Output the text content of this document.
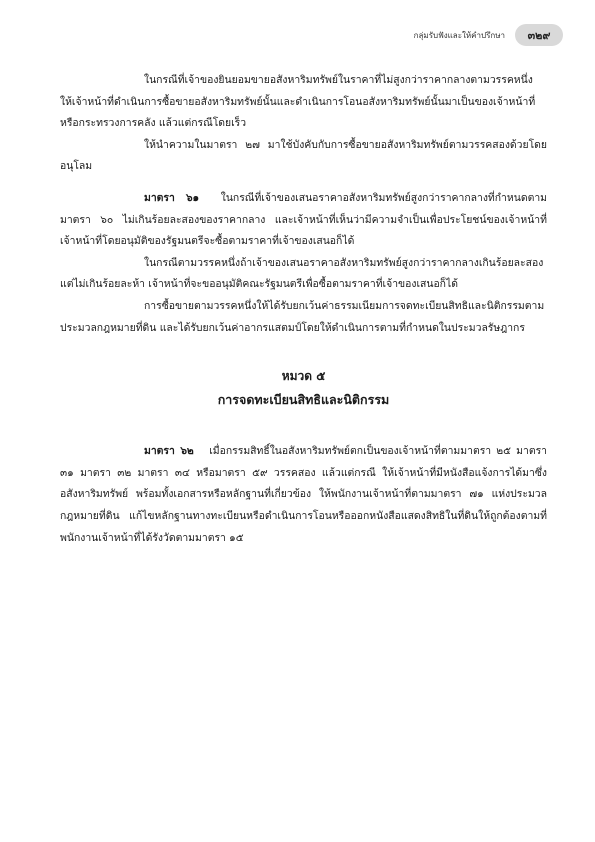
กลุ่มรับฟังและให้คำปรึกษา	๓๒๙

ในกรณีที่เจ้าของยินยอมขายอสังหาริมทรัพย์ในราคาที่ไม่สูงกว่าราคากลางตามวรรคหนึ่ง ให้เจ้าหน้าที่ดำเนินการซื้อขายอสังหาริมทรัพย์นั้นและดำเนินการโอนอสังหาริมทรัพย์นั้นมาเป็นของเจ้าหน้าที่หรือกระทรวงการคลัง แล้วแต่กรณีโดยเร็ว

ให้นำความในมาตรา ๒๗ มาใช้บังคับกับการซื้อขายอสังหาริมทรัพย์ตามวรรคสองด้วยโดยอนุโลม

มาตรา ๖๑ ในกรณีที่เจ้าของเสนอราคาอสังหาริมทรัพย์สูงกว่าราคากลางที่กำหนดตามมาตรา ๖๐ ไม่เกินร้อยละสองของราคากลาง และเจ้าหน้าที่เห็นว่ามีความจำเป็นเพื่อประโยชน์ของเจ้าหน้าที่ เจ้าหน้าที่โดยอนุมัติของรัฐมนตรีจะซื้อตามราคาที่เจ้าของเสนอก็ได้

ในกรณีตามวรรคหนึ่งถ้าเจ้าของเสนอราคาอสังหาริมทรัพย์สูงกว่าราคากลางเกินร้อยละสองแต่ไม่เกินร้อยละห้า เจ้าหน้าที่จะขออนุมัติคณะรัฐมนตรีเพื่อซื้อตามราคาที่เจ้าของเสนอก็ได้

การซื้อขายตามวรรคหนึ่งให้ได้รับยกเว้นค่าธรรมเนียมการจดทะเบียนสิทธิและนิติกรรมตามประมวลกฎหมายที่ดิน และได้รับยกเว้นค่าอากรแสตมป์โดยให้ดำเนินการตามที่กำหนดในประมวลรัษฎากร

หมวด ๕
การจดทะเบียนสิทธิและนิติกรรม

มาตรา ๖๒ เมื่อกรรมสิทธิ์ในอสังหาริมทรัพย์ตกเป็นของเจ้าหน้าที่ตามมาตรา ๒๕ มาตรา ๓๑ มาตรา ๓๒ มาตรา ๓๔ หรือมาตรา ๕๙ วรรคสอง แล้วแต่กรณี ให้เจ้าหน้าที่มีหนังสือแจ้งการได้มาซึ่งอสังหาริมทรัพย์ พร้อมทั้งเอกสารหรือหลักฐานที่เกี่ยวข้อง ให้พนักงานเจ้าหน้าที่ตามมาตรา ๗๑ แห่งประมวลกฎหมายที่ดิน แก้ไขหลักฐานทางทะเบียนหรือดำเนินการโอนหรือออกหนังสือแสดงสิทธิในที่ดินให้ถูกต้องตามที่พนักงานเจ้าหน้าที่ได้รังวัดตามมาตรา ๑๕
